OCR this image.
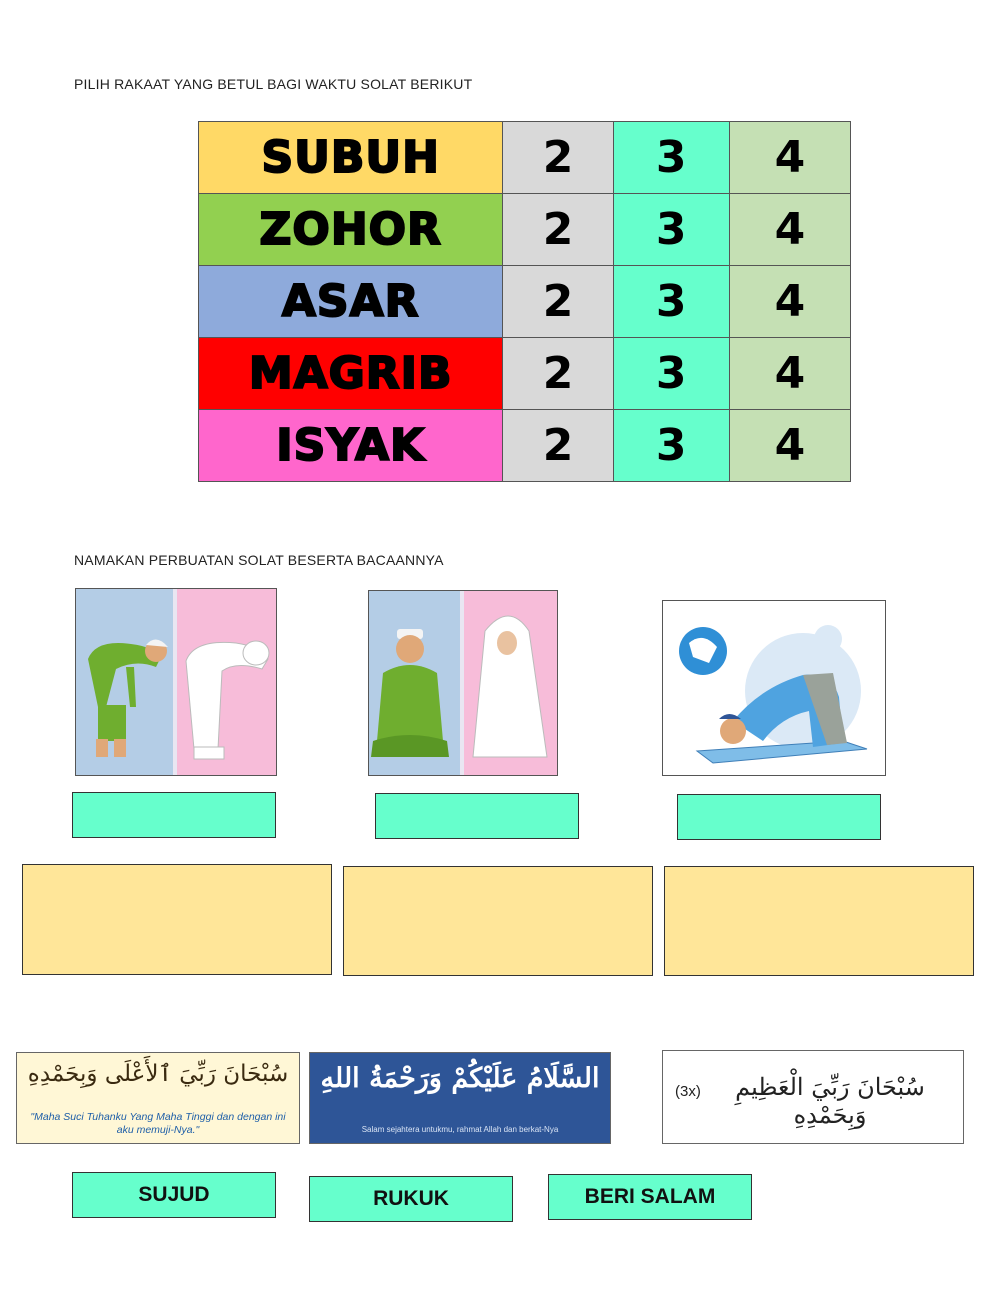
PILIH RAKAAT YANG BETUL BAGI WAKTU SOLAT BERIKUT
SUBUH	2	3	4
ZOHOR	2	3	4
ASAR	2	3	4
MAGRIB	2	3	4
ISYAK	2	3	4
NAMAKAN PERBUATAN SOLAT BESERTA BACAANNYA
سُبْحَانَ رَبِّيَ ٱلأَعْلَى وَبِحَمْدِهِ
"Maha Suci Tuhanku Yang Maha Tinggi dan dengan ini aku memuji-Nya."
السَّلَامُ عَلَيْكُمْ وَرَحْمَةُ اللهِ
Salam sejahtera untukmu, rahmat Allah dan berkat-Nya
(3x)	سُبْحَانَ رَبِّيَ الْعَظِيمِ وَبِحَمْدِهِ
SUJUD	RUKUK	BERI SALAM
